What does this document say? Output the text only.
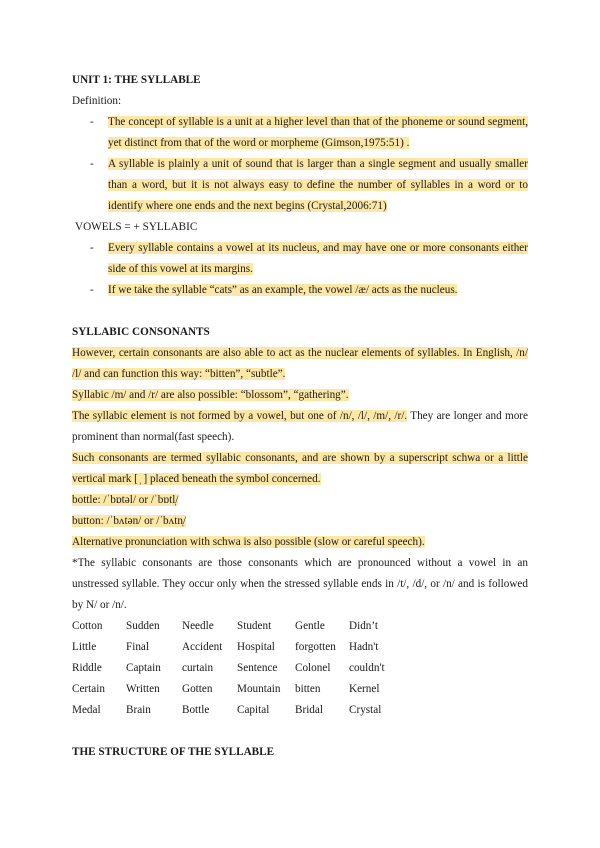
UNIT 1: THE SYLLABLE

Definition:

- The concept of syllable is a unit at a higher level than that of the phoneme or sound segment, yet distinct from that of the word or morpheme (Gimson,1975:51) .

- A syllable is plainly a unit of sound that is larger than a single segment and usually smaller than a word, but it is not always easy to define the number of syllables in a word or to identify where one ends and the next begins (Crystal,2006:71)

VOWELS = + SYLLABIC

- Every syllable contains a vowel at its nucleus, and may have one or more consonants either side of this vowel at its margins.

- If we take the syllable “cats” as an example, the vowel /æ/ acts as the nucleus.

SYLLABIC CONSONANTS

However, certain consonants are also able to act as the nuclear elements of syllables. In English, /n/ /l/ and can function this way: “bitten”, “subtle”.

Syllabic /m/ and /r/ are also possible: “blossom”, “gathering”.

The syllabic element is not formed by a vowel, but one of /n/, /l/, /m/, /r/. They are longer and more prominent than normal(fast speech).

Such consonants are termed syllabic consonants, and are shown by a superscript schwa or a little vertical mark [ ̩ ] placed beneath the symbol concerned.

bottle: /ˈbɒtəl/ or /ˈbɒtl̩/

button: /ˈbʌtən/ or /ˈbʌtn̩/

Alternative pronunciation with schwa is also possible (slow or careful speech).

*The syllabic consonants are those consonants which are pronounced without a vowel in an unstressed syllable. They occur only when the stressed syllable ends in /t/, /d/, or /n/ and is followed by N/ or /n/.

Cotton	Sudden	Needle	Student	Gentle	Didn’t
Little	Final	Accident	Hospital	forgotten	Hadn't
Riddle	Captain	curtain	Sentence	Colonel	couldn't
Certain	Written	Gotten	Mountain	bitten	Kernel
Medal	Brain	Bottle	Capital	Bridal	Crystal

THE STRUCTURE OF THE SYLLABLE
